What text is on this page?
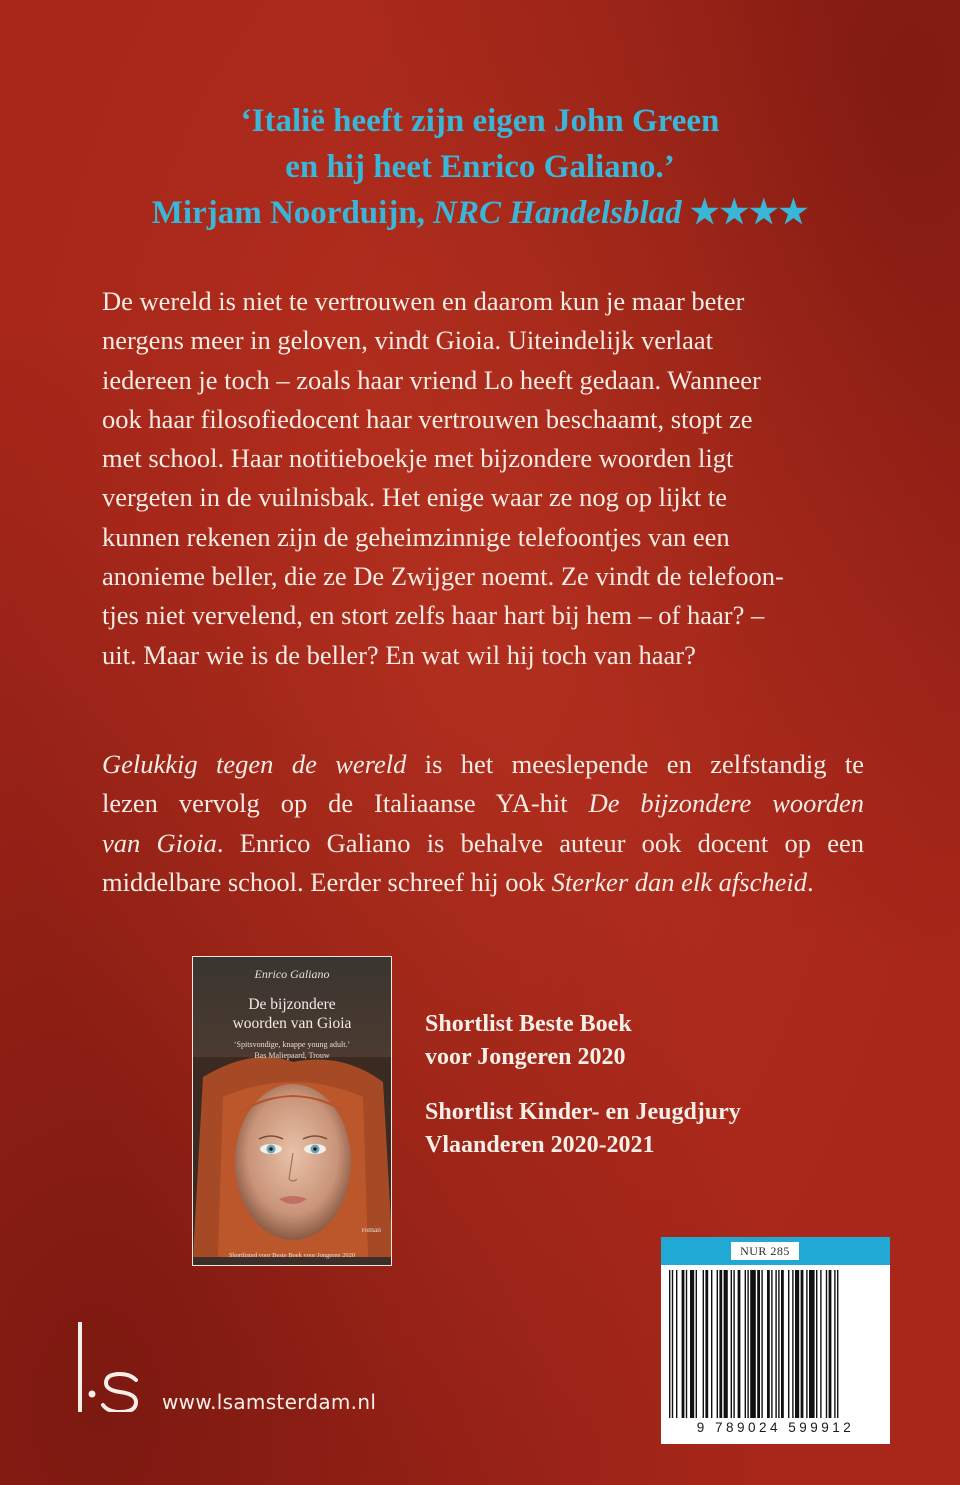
‘Italië heeft zijn eigen John Green
en hij heet Enrico Galiano.’
Mirjam Noorduijn, NRC Handelsblad ★★★★

De wereld is niet te vertrouwen en daarom kun je maar beter
nergens meer in geloven, vindt Gioia. Uiteindelijk verlaat
iedereen je toch – zoals haar vriend Lo heeft gedaan. Wanneer
ook haar filosofiedocent haar vertrouwen beschaamt, stopt ze
met school. Haar notitieboekje met bijzondere woorden ligt
vergeten in de vuilnisbak. Het enige waar ze nog op lijkt te
kunnen rekenen zijn de geheimzinnige telefoontjes van een
anonieme beller, die ze De Zwijger noemt. Ze vindt de telefoon-
tjes niet vervelend, en stort zelfs haar hart bij hem – of haar? –
uit. Maar wie is de beller? En wat wil hij toch van haar?

Gelukkig tegen de wereld is het meeslepende en zelfstandig te
lezen vervolg op de Italiaanse YA-hit De bijzondere woorden
van Gioia. Enrico Galiano is behalve auteur ook docent op een
middelbare school. Eerder schreef hij ook Sterker dan elk afscheid.

Enrico Galiano
De bijzondere
woorden van Gioia
‘Spitsvondige, knappe young adult.’
Bas Maliepaard, Trouw
roman
Shortlisted voor Beste Boek voor Jongeren 2020
Shortlist Beste Boek
voor Jongeren 2020
Shortlist Kinder- en Jeugdjury
Vlaanderen 2020-2021
NUR 285
9 789024 599912
www.lsamsterdam.nl
